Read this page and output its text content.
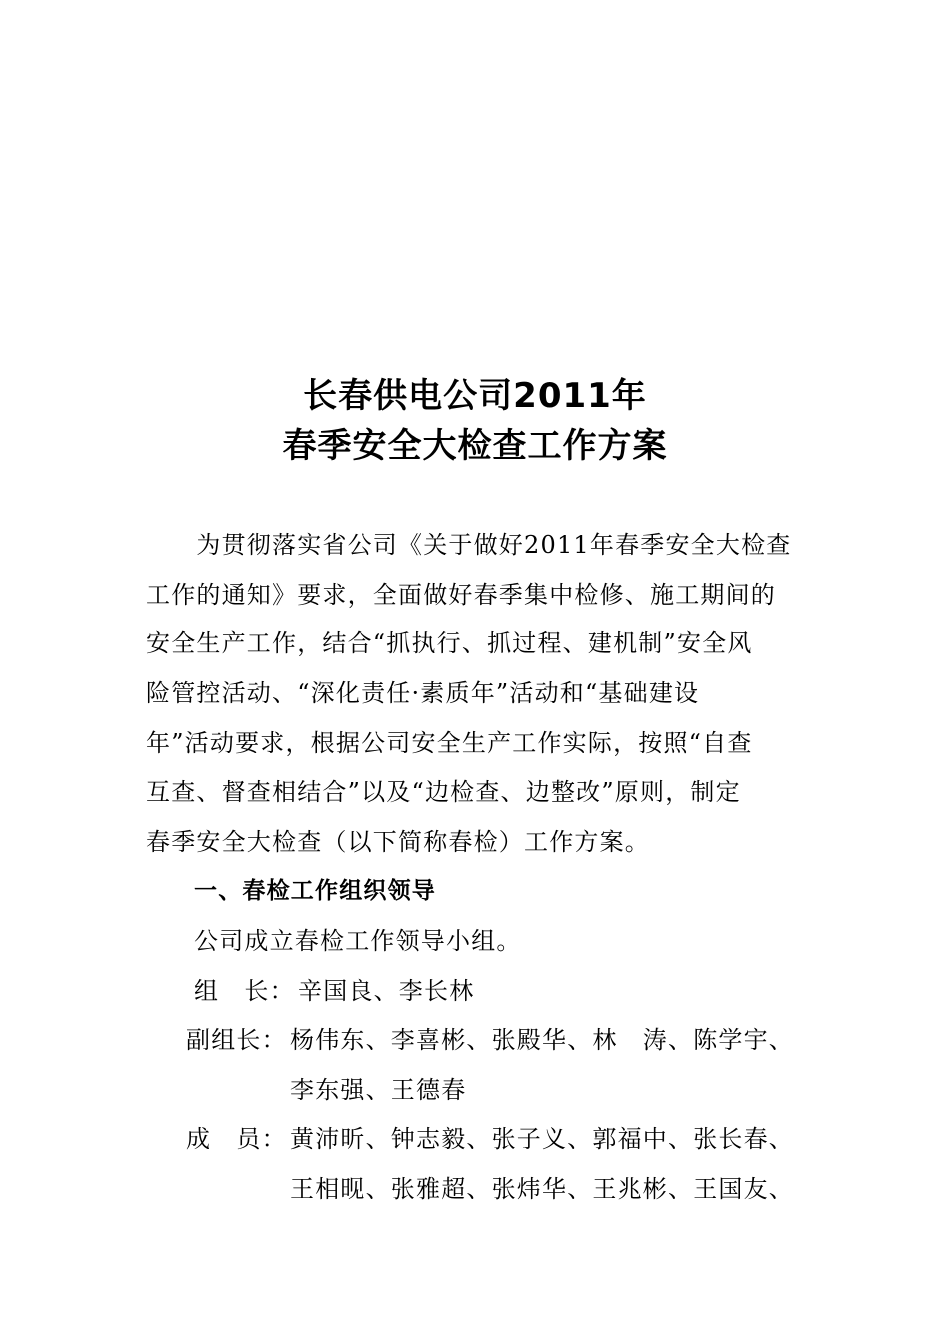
长春供电公司2011年
春季安全大检查工作方案
　　为贯彻落实省公司《关于做好2011年春季安全大检查
工作的通知》要求，全面做好春季集中检修、施工期间的
安全生产工作，结合“抓执行、抓过程、建机制”安全风
险管控活动、“深化责任·素质年”活动和“基础建设
年”活动要求，根据公司安全生产工作实际，按照“自查
互查、督查相结合”以及“边检查、边整改”原则，制定
春季安全大检查（以下简称春检）工作方案。
一、春检工作组织领导
公司成立春检工作领导小组。
组　长： 辛国良、李长林
副组长： 杨伟东、李喜彬、张殿华、林　涛、陈学宇、
李东强、王德春
成　员： 黄沛昕、钟志毅、张子义、郭福中、张长春、
王相𬀪、张雅超、张炜华、王兆彬、王国友、
